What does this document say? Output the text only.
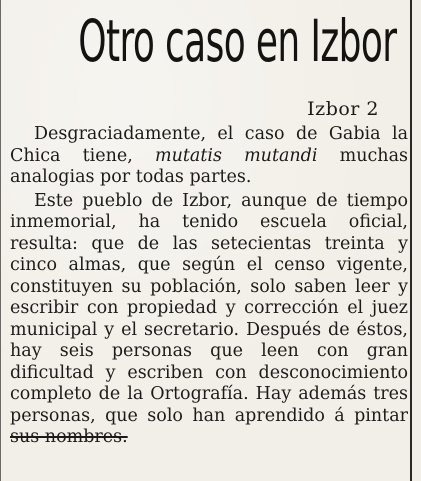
Otro caso en Izbor
Izbor 2

Desgraciadamente, el caso de Gabia la Chica tiene, mutatis mutandi muchas analogias por todas partes.

Este pueblo de Izbor, aunque de tiempo inmemorial, ha tenido escuela oficial, resulta: que de las setecientas treinta y cinco almas, que según el censo vigente, constituyen su población, solo saben leer y escribir con propiedad y corrección el juez municipal y el secretario. Después de éstos, hay seis personas que leen con gran dificultad y escriben con desconocimiento completo de la Ortografía. Hay además tres personas, que solo han aprendido á pintar sus nombres.
